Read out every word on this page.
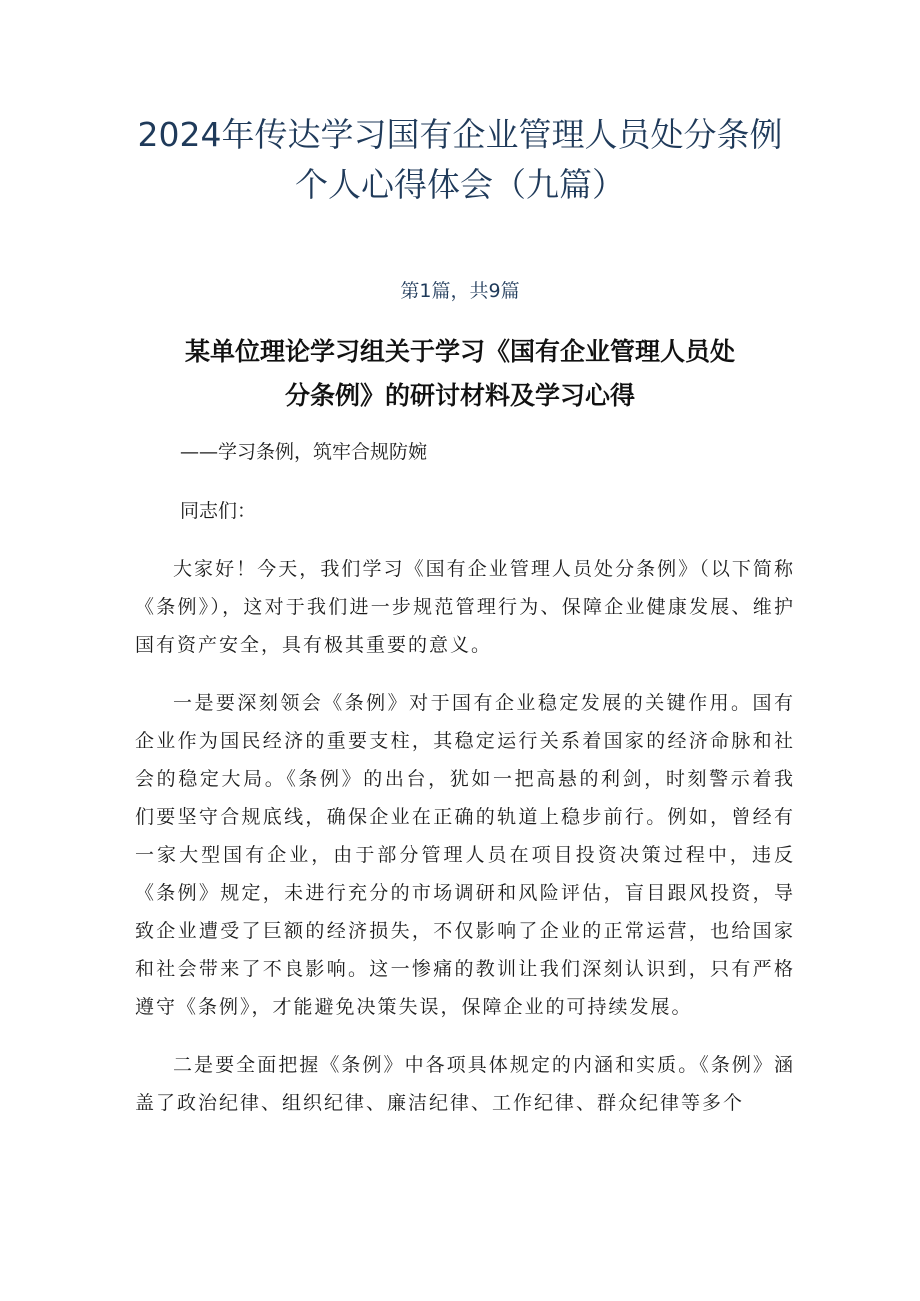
2024年传达学习国有企业管理人员处分条例个人心得体会（九篇）
第1篇，共9篇
某单位理论学习组关于学习《国有企业管理人员处分条例》的研讨材料及学习心得
——学习条例，筑牢合规防婉
同志们：

大家好！今天，我们学习《国有企业管理人员处分条例》（以下简称《条例》），这对于我们进一步规范管理行为、保障企业健康发展、维护国有资产安全，具有极其重要的意义。

一是要深刻领会《条例》对于国有企业稳定发展的关键作用。国有企业作为国民经济的重要支柱，其稳定运行关系着国家的经济命脉和社会的稳定大局。《条例》的出台，犹如一把高悬的利剑，时刻警示着我们要坚守合规底线，确保企业在正确的轨道上稳步前行。例如，曾经有一家大型国有企业，由于部分管理人员在项目投资决策过程中，违反《条例》规定，未进行充分的市场调研和风险评估，盲目跟风投资，导致企业遭受了巨额的经济损失，不仅影响了企业的正常运营，也给国家和社会带来了不良影响。这一惨痛的教训让我们深刻认识到，只有严格遵守《条例》，才能避免决策失误，保障企业的可持续发展。

二是要全面把握《条例》中各项具体规定的内涵和实质。《条例》涵盖了政治纪律、组织纪律、廉洁纪律、工作纪律、群众纪律等多个
